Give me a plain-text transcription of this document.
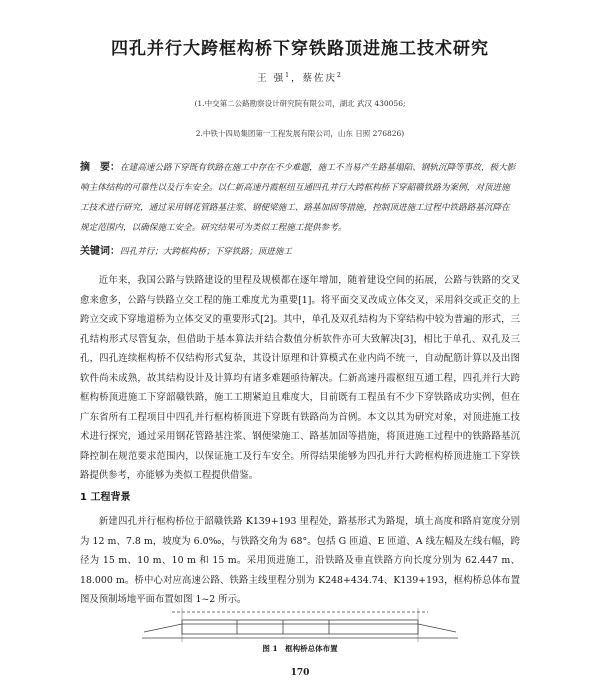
四孔并行大跨框构桥下穿铁路顶进施工技术研究
王 强$^1$，蔡佐庆$^2$
(1.中交第二公路勘察设计研究院有限公司，湖北 武汉 430056;
2.中铁十四局集团第一工程发展有限公司，山东 日照 276826)
摘　要：在建高速公路下穿既有铁路在施工中存在不少难题，施工不当易产生路基塌陷、钢轨沉降等事故，极大影响主体结构的可靠性以及行车安全。以仁新高速丹霞枢纽互通四孔并行大跨框构桥下穿韶赣铁路为案例，对顶进施工技术进行研究，通过采用钢花管路基注浆、钢便梁施工、路基加固等措施，控制顶进施工过程中铁路路基沉降在规定范围内，以确保施工安全。研究结果可为类似工程施工提供参考。
关键词：四孔并行；大跨框构桥；下穿铁路；顶进施工
近年来，我国公路与铁路建设的里程及规模都在逐年增加，随着建设空间的拓展，公路与铁路的交叉愈来愈多，公路与铁路立交工程的施工难度尤为重要[1]。将平面交叉改成立体交叉，采用斜交或正交的上跨立交或下穿地道桥为立体交叉的重要形式[2]。其中，单孔及双孔结构为下穿结构中较为普遍的形式，三孔结构形式尽管复杂，但借助于基本算法并结合数值分析软件亦可大致解决[3]，相比于单孔、双孔及三孔，四孔连续框构桥不仅结构形式复杂，其设计原理和计算模式在业内尚不统一，自动配筋计算以及出图软件尚未成熟，故其结构设计及计算均有诸多难题亟待解决。仁新高速丹霞枢纽互通工程，四孔并行大跨框构桥顶进施工下穿韶赣铁路，施工工期紧迫且难度大，目前既有工程虽有不少下穿铁路成功实例，但在广东省所有工程项目中四孔并行框构桥顶进下穿既有铁路尚为首例。本文以其为研究对象，对顶进施工技术进行探究，通过采用钢花管路基注浆、钢便梁施工、路基加固等措施，将顶进施工过程中的铁路路基沉降控制在规范要求范围内，以保证施工及行车安全。所得结果能够为四孔并行大跨框构桥顶进施工下穿铁路提供参考，亦能够为类似工程提供借鉴。
1 工程背景
新建四孔并行框构桥位于韶赣铁路 K139+193 里程处，路基形式为路堤，填土高度和路肩宽度分别为 12 m、7.8 m，坡度为 6.0‰，与铁路交角为 68°。包括 G 匝道、E 匝道、A 线左幅及左线右幅，跨径为 15 m、10 m、10 m 和 15 m。采用顶进施工，沿铁路及垂直铁路方向长度分别为 62.447 m、18.000 m。桥中心对应高速公路、铁路主线里程分别为 K248+434.74、K139+193，框构桥总体布置图及预制场地平面布置如图 1~2 所示。
图 1　框构桥总体布置
170
